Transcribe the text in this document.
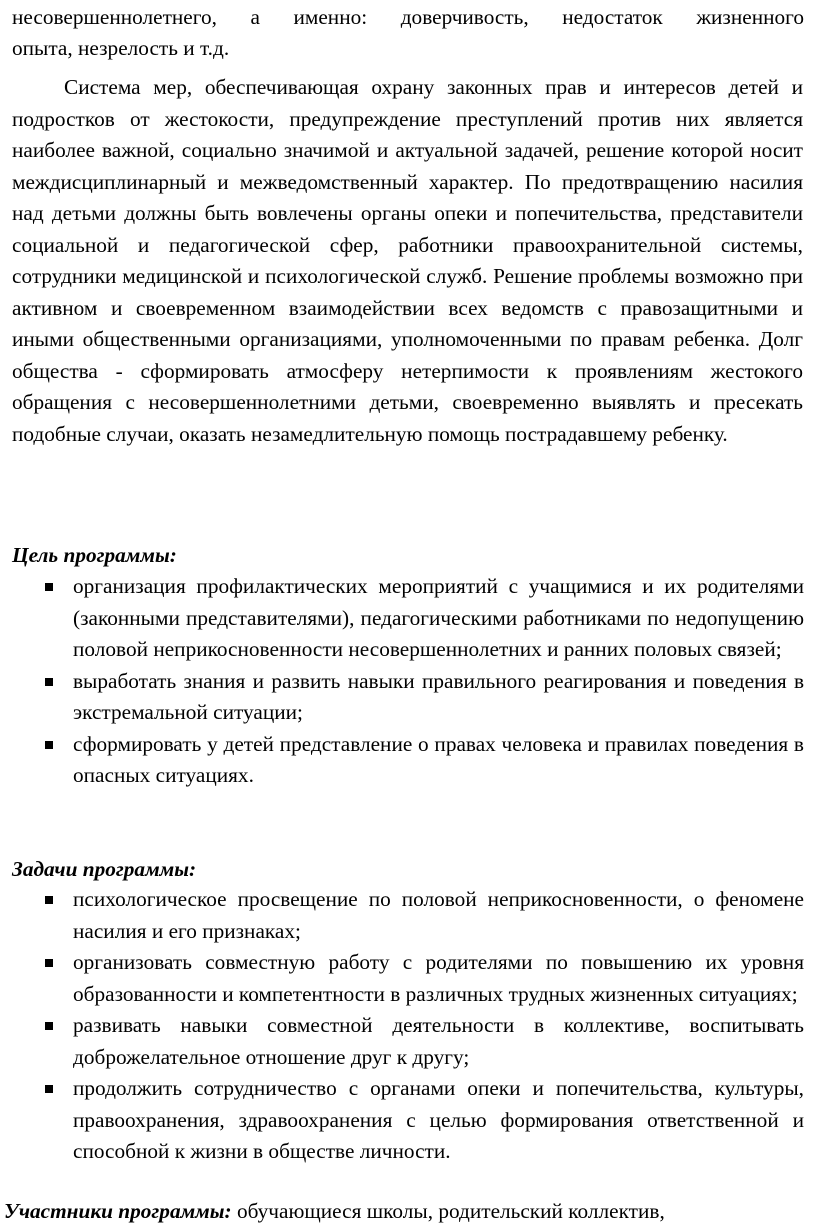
несовершеннолетнего, а именно: доверчивость, недостаток жизненного

опыта, незрелость и т.д.

Система мер, обеспечивающая охрану законных прав и интересов детей и подростков от жестокости, предупреждение преступлений против них является наиболее важной, социально значимой и актуальной задачей, решение которой носит междисциплинарный и межведомственный характер. По предотвращению насилия над детьми должны быть вовлечены органы опеки и попечительства, представители социальной и педагогической сфер, работники правоохранительной системы, сотрудники медицинской и психологической служб. Решение проблемы возможно при активном и своевременном взаимодействии всех ведомств с правозащитными и иными общественными организациями, уполномоченными по правам ребенка. Долг общества - сформировать атмосферу нетерпимости к проявлениям жестокого обращения с несовершеннолетними детьми, своевременно выявлять и пресекать подобные случаи, оказать незамедлительную помощь пострадавшему ребенку.

Цель программы:

организация профилактических мероприятий с учащимися и их родителями (законными представителями), педагогическими работниками по недопущению половой неприкосновенности несовершеннолетних и ранних половых связей;
выработать знания и развить навыки правильного реагирования и поведения в экстремальной ситуации;
сформировать у детей представление о правах человека и правилах поведения в опасных ситуациях.

Задачи программы:

психологическое просвещение по половой неприкосновенности, о феномене насилия и его признаках;
организовать совместную работу с родителями по повышению их уровня образованности и компетентности в различных трудных жизненных ситуациях;
развивать навыки совместной деятельности в коллективе, воспитывать доброжелательное отношение друг к другу;
продолжить сотрудничество с органами опеки и попечительства, культуры, правоохранения, здравоохранения с целью формирования ответственной и способной к жизни в обществе личности.

Участники программы: обучающиеся школы, родительский коллектив,
